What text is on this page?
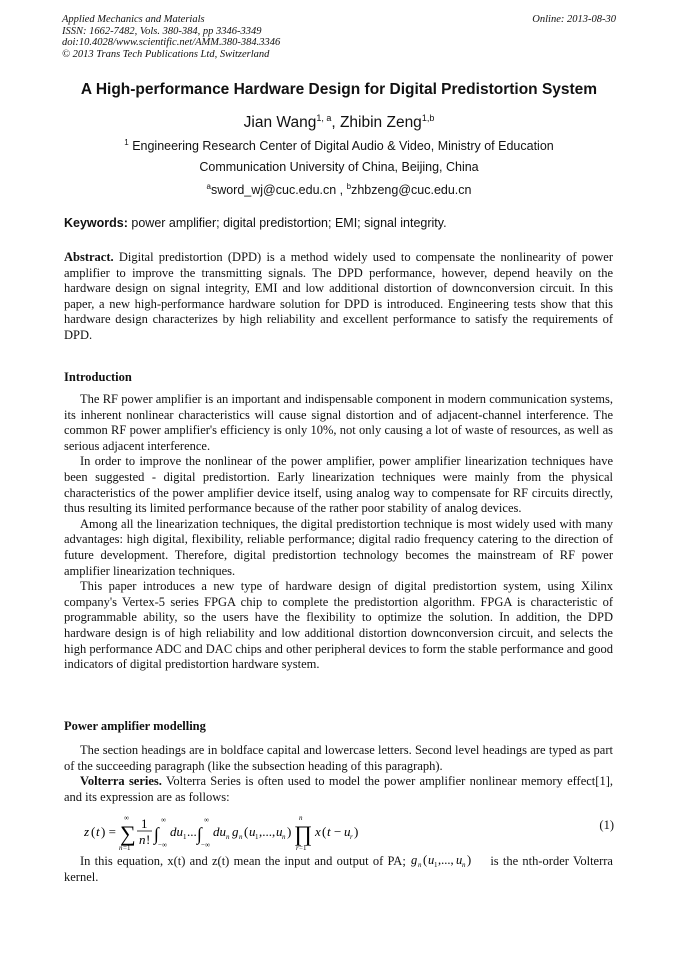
Applied Mechanics and Materials
ISSN: 1662-7482, Vols. 380-384, pp 3346-3349
doi:10.4028/www.scientific.net/AMM.380-384.3346
© 2013 Trans Tech Publications Ltd, Switzerland
Online: 2013-08-30
A High-performance Hardware Design for Digital Predistortion System
Jian Wang$^{1, a}$, Zhibin Zeng$^{1,b}$
$^1$ Engineering Research Center of Digital Audio & Video, Ministry of Education
Communication University of China, Beijing, China
$^a$sword_wj@cuc.edu.cn , $^b$zhbzeng@cuc.edu.cn
Keywords: power amplifier; digital predistortion; EMI; signal integrity.
Abstract. Digital predistortion (DPD) is a method widely used to compensate the nonlinearity of power amplifier to improve the transmitting signals. The DPD performance, however, depend heavily on the hardware design on signal integrity, EMI and low additional distortion of downconversion circuit. In this paper, a new high-performance hardware solution for DPD is introduced. Engineering tests show that this hardware design characterizes by high reliability and excellent performance to satisfy the requirements of DPD.
Introduction

The RF power amplifier is an important and indispensable component in modern communication systems, its inherent nonlinear characteristics will cause signal distortion and of adjacent-channel interference. The common RF power amplifier's efficiency is only 10%, not only causing a lot of waste of resources, as well as serious adjacent interference.

In order to improve the nonlinear of the power amplifier, power amplifier linearization techniques have been suggested - digital predistortion. Early linearization techniques were mainly from the physical characteristics of the power amplifier device itself, using analog way to compensate for RF circuits directly, thus resulting its limited performance because of the rather poor stability of analog devices.

Among all the linearization techniques, the digital predistortion technique is most widely used with many advantages: high digital, flexibility, reliable performance; digital radio frequency catering to the direction of future development. Therefore, digital predistortion technology becomes the mainstream of RF power amplifier linearization techniques.

This paper introduces a new type of hardware design of digital predistortion system, using Xilinx company's Vertex-5 series FPGA chip to complete the predistortion algorithm. FPGA is characteristic of programmable ability, so the users have the flexibility to optimize the solution. In addition, the DPD hardware design is of high reliability and low additional distortion downconversion circuit, and selects the high performance ADC and DAC chips and other peripheral devices to form the stable performance and good indicators of digital predistortion hardware system.

Power amplifier modelling

The section headings are in boldface capital and lowercase letters. Second level headings are typed as part of the succeeding paragraph (like the subsection heading of this paragraph).

Volterra series. Volterra Series is often used to model the power amplifier nonlinear memory effect[1], and its expression are as follows:

z ( t ) = ∑
∞
n =1
1
n ! ∫
∞
−∞
du 1 ... ∫
∞
−∞
du n g n ( u 1 ,..., u n ) ∏
n
r =1
x ( t − u r )	(1)

In this equation, x(t) and z(t) mean the input and output of PA; g n ( u 1 ,..., u n ) is the nth-order Volterra kernel.
